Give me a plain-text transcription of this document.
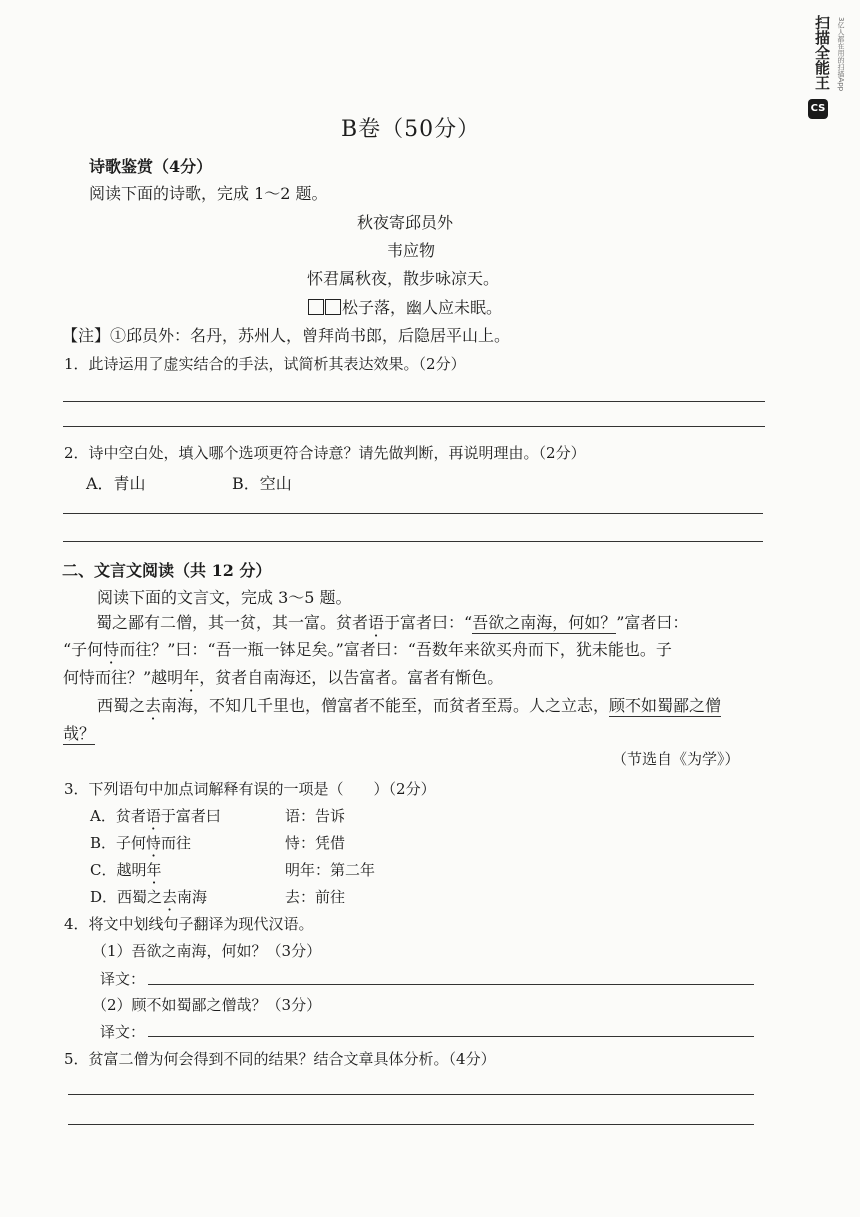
扫描全能王 3亿人都在用的扫描App
CS
B卷（50分）
诗歌鉴赏（4分）
阅读下面的诗歌，完成 1～2 题。
秋夜寄邱员外
韦应物
怀君属秋夜，散步咏凉天。
松子落，幽人应未眠。
【注】①邱员外：名丹，苏州人，曾拜尚书郎，后隐居平山上。
1．此诗运用了虚实结合的手法，试简析其表达效果。（2分）
2．诗中空白处，填入哪个选项更符合诗意？请先做判断，再说明理由。（2分）
A．青山	B．空山
二、文言文阅读（共 12 分）
阅读下面的文言文，完成 3～5 题。
蜀之鄙有二僧，其一贫，其一富。贫者语于富者曰：“吾欲之南海，何如？”富者曰：
“子何恃而往？”曰：“吾一瓶一钵足矣。”富者曰：“吾数年来欲买舟而下，犹未能也。子
何恃而往？”越明年，贫者自南海还，以告富者。富者有惭色。
西蜀之去南海，不知几千里也，僧富者不能至，而贫者至焉。人之立志，顾不如蜀鄙之僧
哉？
（节选自《为学》）
3．下列语句中加点词解释有误的一项是（　　）（2分）
A．贫者语于富者曰	语：告诉
B．子何恃而往	恃：凭借
C．越明年	明年：第二年
D．西蜀之去南海	去：前往
4．将文中划线句子翻译为现代汉语。
（1）吾欲之南海，何如？（3分）
译文：
（2）顾不如蜀鄙之僧哉？（3分）
译文：
5．贫富二僧为何会得到不同的结果？结合文章具体分析。（4分）
